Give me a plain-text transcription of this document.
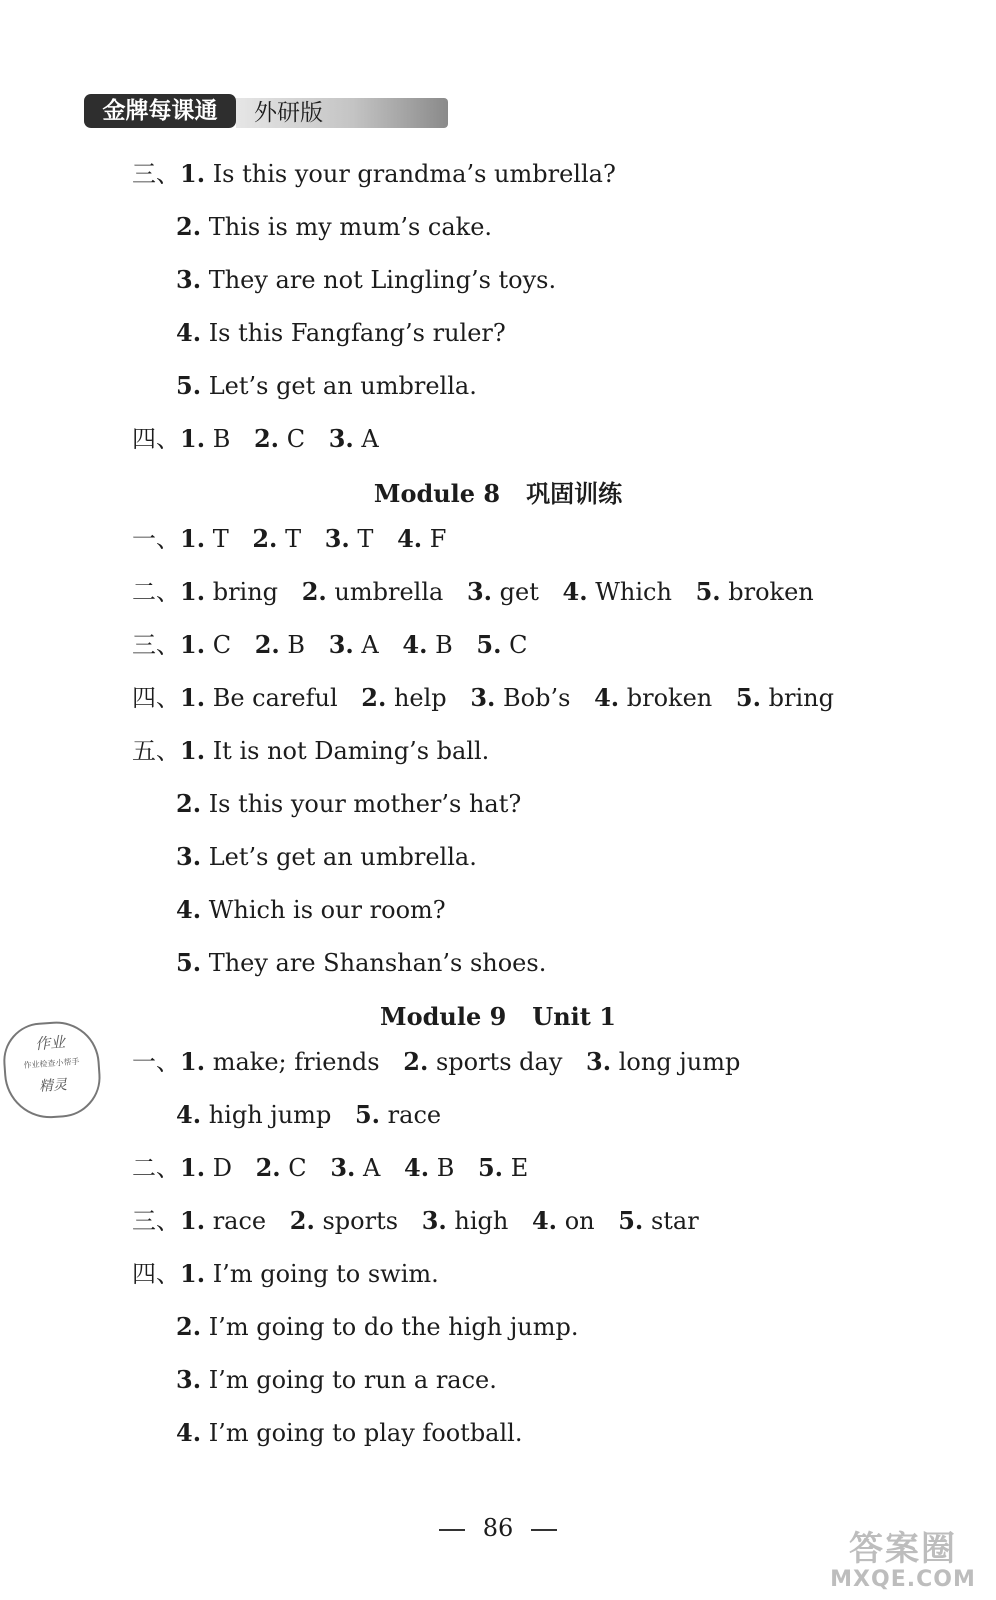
金牌每课通	外研版
三、1. Is this your grandma’s umbrella?
2. This is my mum’s cake.
3. They are not Lingling’s toys.
4. Is this Fangfang’s ruler?
5. Let’s get an umbrella.
四、1. B 2. C 3. A
Module 8 巩固训练
一、1. T 2. T 3. T 4. F
二、1. bring 2. umbrella 3. get 4. Which 5. broken
三、1. C 2. B 3. A 4. B 5. C
四、1. Be careful 2. help 3. Bob’s 4. broken 5. bring
五、1. It is not Daming’s ball.
2. Is this your mother’s hat?
3. Let’s get an umbrella.
4. Which is our room?
5. They are Shanshan’s shoes.
Module 9 Unit 1
一、1. make; friends 2. sports day 3. long jump
4. high jump 5. race
二、1. D 2. C 3. A 4. B 5. E
三、1. race 2. sports 3. high 4. on 5. star
四、1. I’m going to swim.
2. I’m going to do the high jump.
3. I’m going to run a race.
4. I’m going to play football.
86
作业
作业检查小帮手
精灵
答案圈
MXQE.COM
